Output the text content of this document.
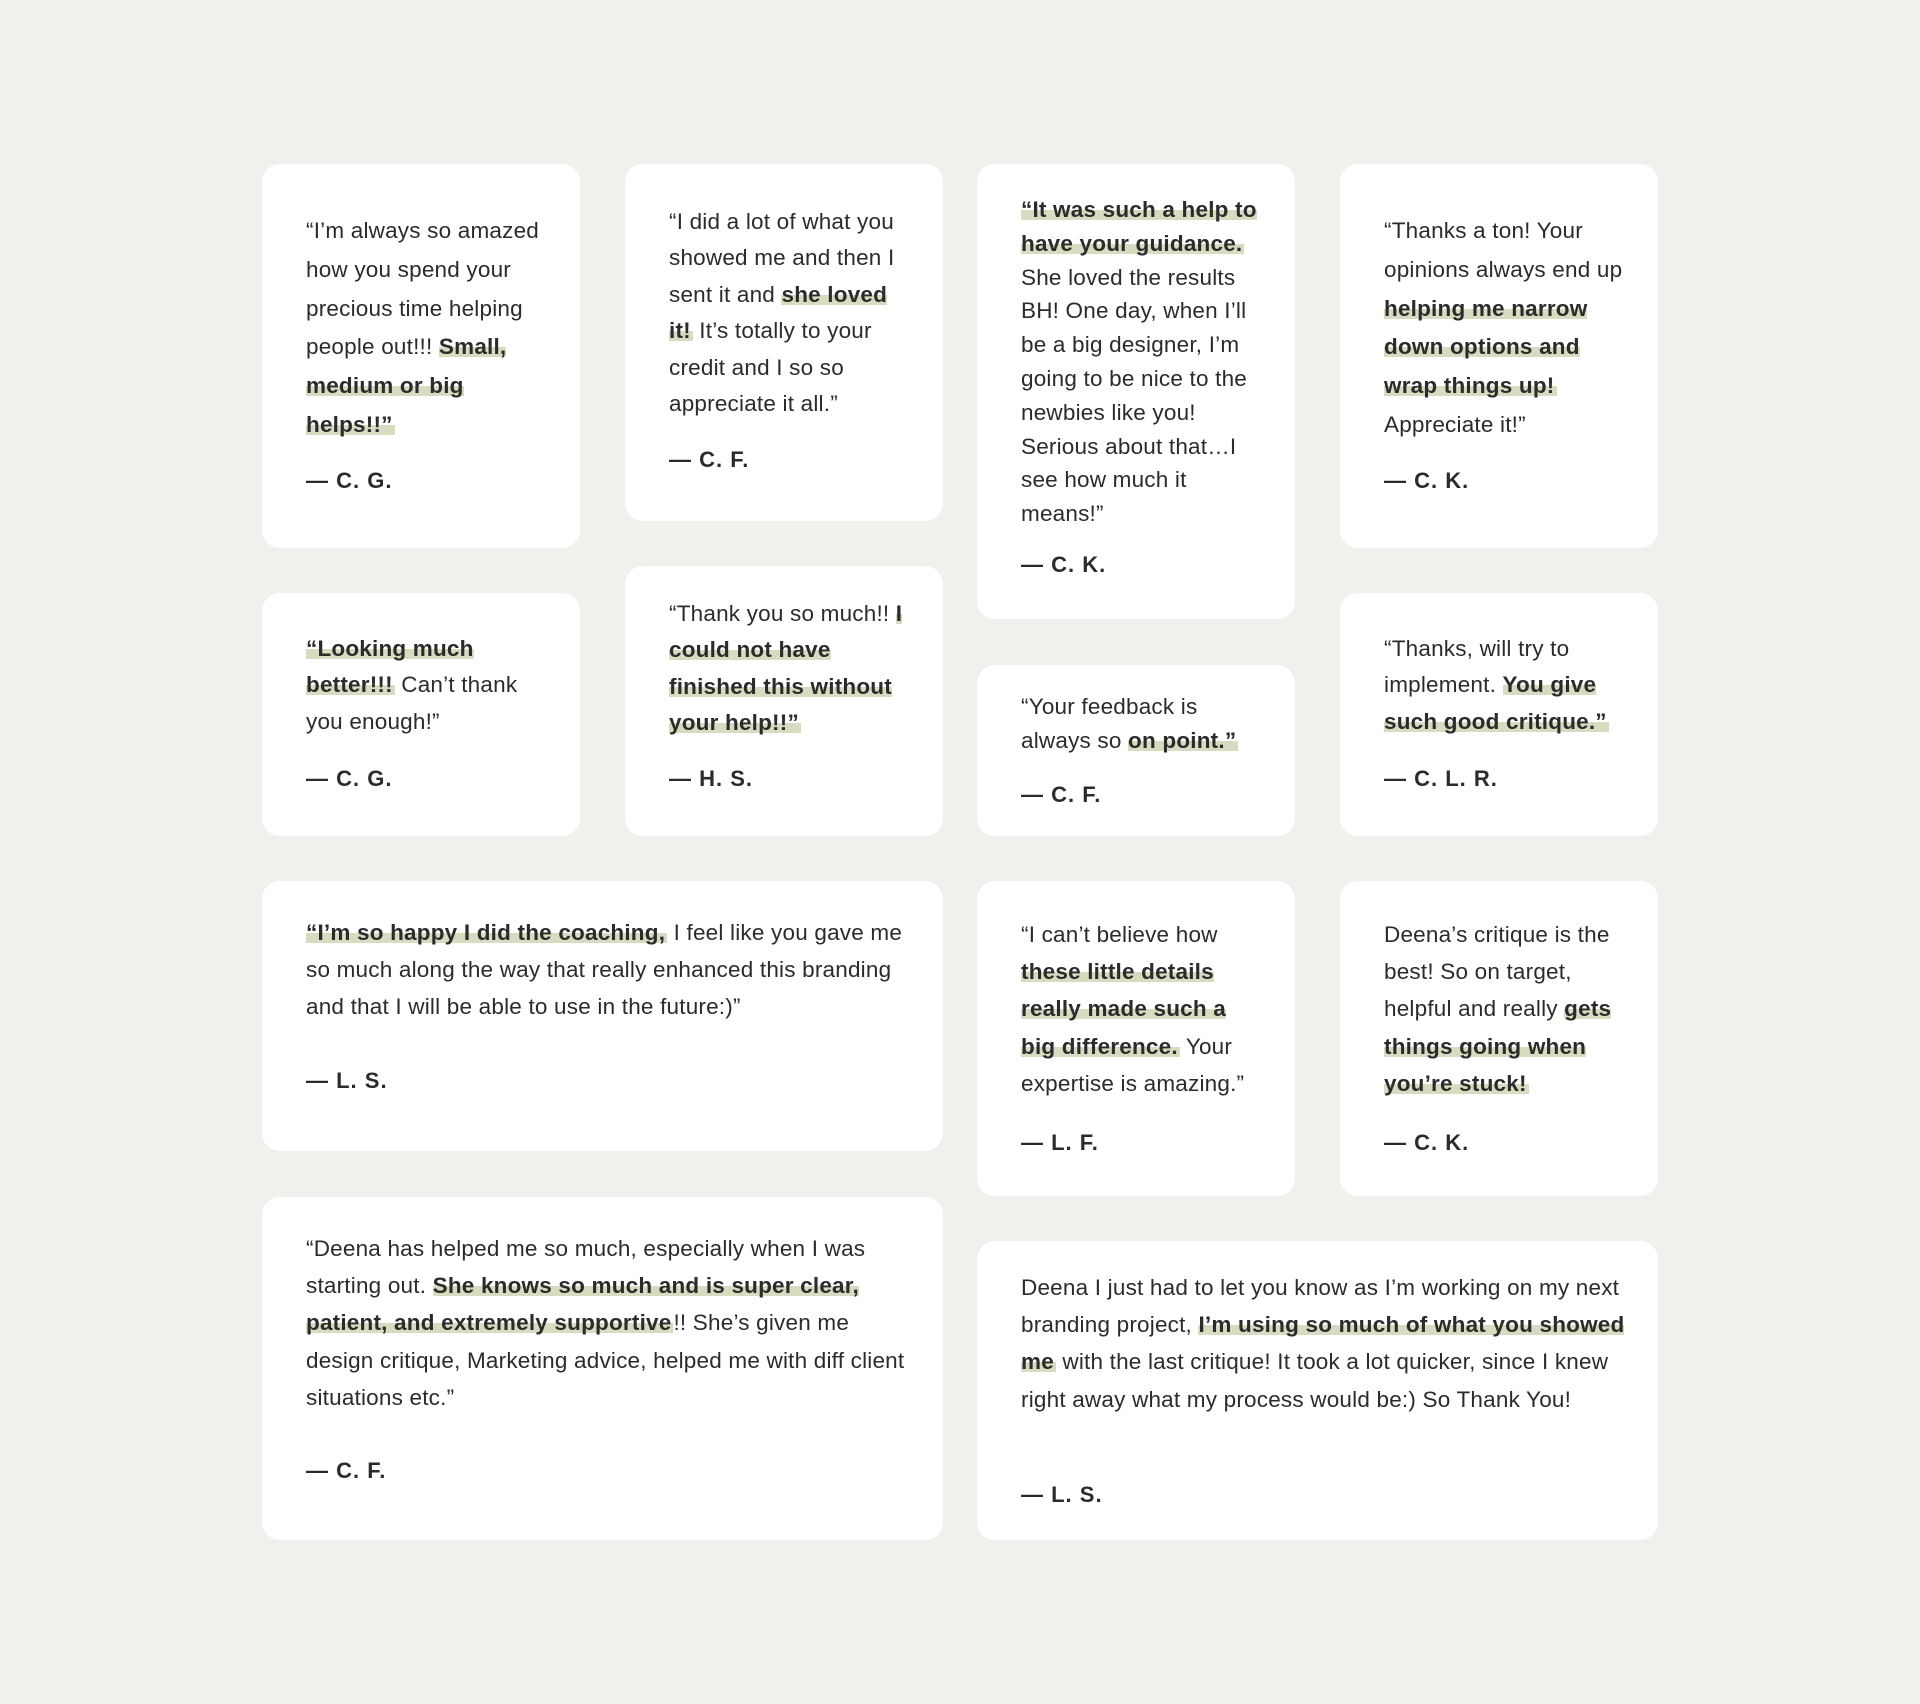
“I’m always so amazed how you spend your precious time helping people out!!! Small, medium or big helps!!”

— C. G.

“Looking much better!!! Can’t thank you enough!”

— C. G.

“I did a lot of what you showed me and then I sent it and she loved it! It’s totally to your credit and I so so appreciate it all.”

— C. F.

“Thank you so much!! I could not have finished this without your help!!”

— H. S.

“It was such a help to have your guidance. She loved the results BH! One day, when I’ll be a big designer, I’m going to be nice to the newbies like you! Serious about that…I see how much it means!”

— C. K.

“Your feedback is always so on point.”

— C. F.

“Thanks a ton! Your opinions always end up helping me narrow down options and wrap things up! Appreciate it!”

— C. K.

“Thanks, will try to implement. You give such good critique.”

— C. L. R.

“I’m so happy I did the coaching, I feel like you gave me so much along the way that really enhanced this branding and that I will be able to use in the future:)”

— L. S.

“I can’t believe how these little details really made such a big difference. Your expertise is amazing.”

— L. F.

Deena’s critique is the best! So on target, helpful and really gets things going when you’re stuck!

— C. K.

“Deena has helped me so much, especially when I was starting out. She knows so much and is super clear, patient, and extremely supportive!! She’s given me design critique, Marketing advice, helped me with diff client situations etc.”

— C. F.

Deena I just had to let you know as I’m working on my next branding project, I’m using so much of what you showed me with the last critique! It took a lot quicker, since I knew right away what my process would be:) So Thank You!

— L. S.
